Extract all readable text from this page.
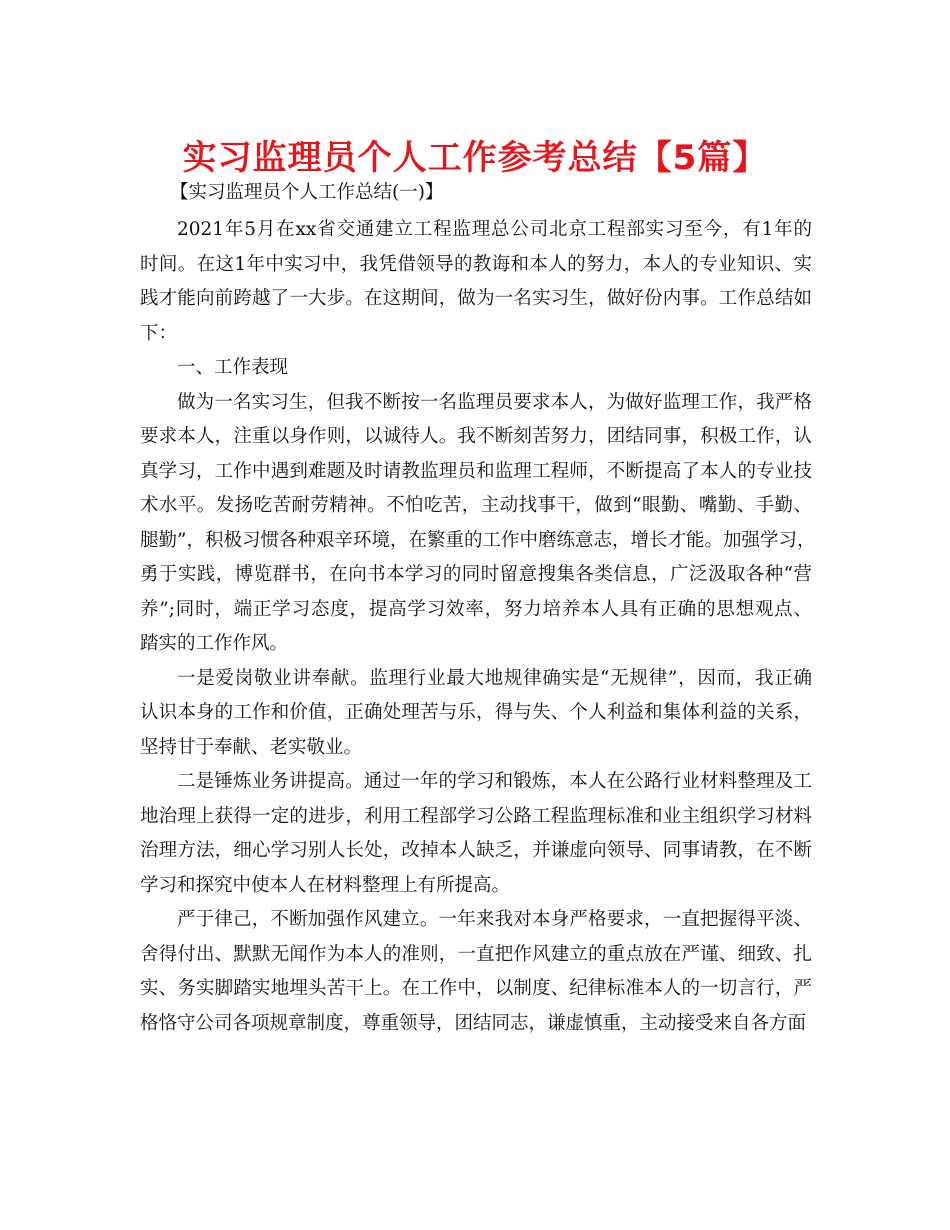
实习监理员个人工作参考总结【5篇】
【实习监理员个人工作总结(一)】
2021年5月在xx省交通建立工程监理总公司北京工程部实习至今，有1年的
时间。在这1年中实习中，我凭借领导的教诲和本人的努力，本人的专业知识、实
践才能向前跨越了一大步。在这期间，做为一名实习生，做好份内事。工作总结如
下：
一、工作表现
做为一名实习生，但我不断按一名监理员要求本人，为做好监理工作，我严格
要求本人，注重以身作则，以诚待人。我不断刻苦努力，团结同事，积极工作，认
真学习，工作中遇到难题及时请教监理员和监理工程师，不断提高了本人的专业技
术水平。发扬吃苦耐劳精神。不怕吃苦，主动找事干，做到“眼勤、嘴勤、手勤、
腿勤”，积极习惯各种艰辛环境，在繁重的工作中磨练意志，增长才能。加强学习，
勇于实践，博览群书，在向书本学习的同时留意搜集各类信息，广泛汲取各种“营
养”;同时，端正学习态度，提高学习效率，努力培养本人具有正确的思想观点、
踏实的工作作风。
一是爱岗敬业讲奉献。监理行业最大地规律确实是“无规律”，因而，我正确
认识本身的工作和价值，正确处理苦与乐，得与失、个人利益和集体利益的关系，
坚持甘于奉献、老实敬业。
二是锤炼业务讲提高。通过一年的学习和锻炼，本人在公路行业材料整理及工
地治理上获得一定的进步，利用工程部学习公路工程监理标准和业主组织学习材料
治理方法，细心学习别人长处，改掉本人缺乏，并谦虚向领导、同事请教，在不断
学习和探究中使本人在材料整理上有所提高。
严于律己，不断加强作风建立。一年来我对本身严格要求，一直把握得平淡、
舍得付出、默默无闻作为本人的准则，一直把作风建立的重点放在严谨、细致、扎
实、务实脚踏实地埋头苦干上。在工作中，以制度、纪律标准本人的一切言行，严
格恪守公司各项规章制度，尊重领导，团结同志，谦虚慎重，主动接受来自各方面
